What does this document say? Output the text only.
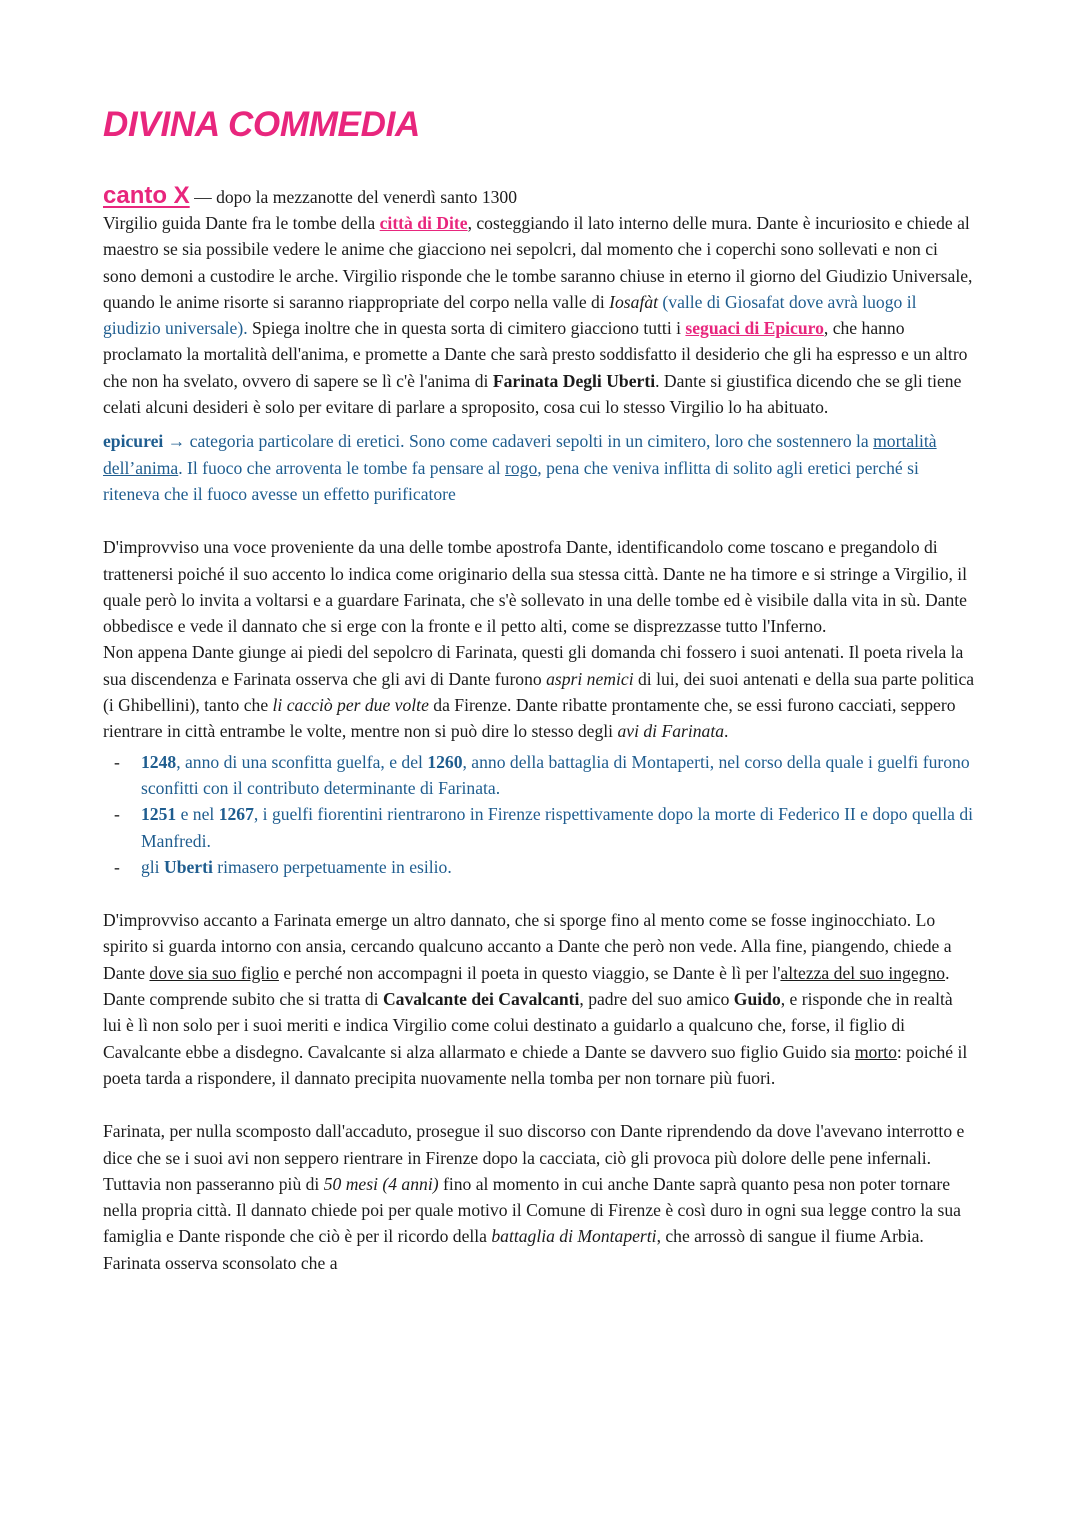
DIVINA COMMEDIA

canto X — dopo la mezzanotte del venerdì santo 1300

Virgilio guida Dante fra le tombe della città di Dite, costeggiando il lato interno delle mura. Dante è incuriosito e chiede al maestro se sia possibile vedere le anime che giacciono nei sepolcri, dal momento che i coperchi sono sollevati e non ci sono demoni a custodire le arche. Virgilio risponde che le tombe saranno chiuse in eterno il giorno del Giudizio Universale, quando le anime risorte si saranno riappropriate del corpo nella valle di Iosafàt (valle di Giosafat dove avrà luogo il giudizio universale). Spiega inoltre che in questa sorta di cimitero giacciono tutti i seguaci di Epicuro, che hanno proclamato la mortalità dell'anima, e promette a Dante che sarà presto soddisfatto il desiderio che gli ha espresso e un altro che non ha svelato, ovvero di sapere se lì c'è l'anima di Farinata Degli Uberti. Dante si giustifica dicendo che se gli tiene celati alcuni desideri è solo per evitare di parlare a sproposito, cosa cui lo stesso Virgilio lo ha abituato.

epicurei → categoria particolare di eretici. Sono come cadaveri sepolti in un cimitero, loro che sostennero la mortalità dell’anima. Il fuoco che arroventa le tombe fa pensare al rogo, pena che veniva inflitta di solito agli eretici perché si riteneva che il fuoco avesse un effetto purificatore

D'improvviso una voce proveniente da una delle tombe apostrofa Dante, identificandolo come toscano e pregandolo di trattenersi poiché il suo accento lo indica come originario della sua stessa città. Dante ne ha timore e si stringe a Virgilio, il quale però lo invita a voltarsi e a guardare Farinata, che s'è sollevato in una delle tombe ed è visibile dalla vita in sù. Dante obbedisce e vede il dannato che si erge con la fronte e il petto alti, come se disprezzasse tutto l'Inferno.

Non appena Dante giunge ai piedi del sepolcro di Farinata, questi gli domanda chi fossero i suoi antenati. Il poeta rivela la sua discendenza e Farinata osserva che gli avi di Dante furono aspri nemici di lui, dei suoi antenati e della sua parte politica (i Ghibellini), tanto che li cacciò per due volte da Firenze. Dante ribatte prontamente che, se essi furono cacciati, seppero rientrare in città entrambe le volte, mentre non si può dire lo stesso degli avi di Farinata.

- 1248, anno di una sconfitta guelfa, e del 1260, anno della battaglia di Montaperti, nel corso della quale i guelfi furono sconfitti con il contributo determinante di Farinata.
- 1251 e nel 1267, i guelfi fiorentini rientrarono in Firenze rispettivamente dopo la morte di Federico II e dopo quella di Manfredi.
- gli Uberti rimasero perpetuamente in esilio.

D'improvviso accanto a Farinata emerge un altro dannato, che si sporge fino al mento come se fosse inginocchiato. Lo spirito si guarda intorno con ansia, cercando qualcuno accanto a Dante che però non vede. Alla fine, piangendo, chiede a Dante dove sia suo figlio e perché non accompagni il poeta in questo viaggio, se Dante è lì per l'altezza del suo ingegno. Dante comprende subito che si tratta di Cavalcante dei Cavalcanti, padre del suo amico Guido, e risponde che in realtà lui è lì non solo per i suoi meriti e indica Virgilio come colui destinato a guidarlo a qualcuno che, forse, il figlio di Cavalcante ebbe a disdegno. Cavalcante si alza allarmato e chiede a Dante se davvero suo figlio Guido sia morto: poiché il poeta tarda a rispondere, il dannato precipita nuovamente nella tomba per non tornare più fuori.

Farinata, per nulla scomposto dall'accaduto, prosegue il suo discorso con Dante riprendendo da dove l'avevano interrotto e dice che se i suoi avi non seppero rientrare in Firenze dopo la cacciata, ciò gli provoca più dolore delle pene infernali. Tuttavia non passeranno più di 50 mesi (4 anni) fino al momento in cui anche Dante saprà quanto pesa non poter tornare nella propria città. Il dannato chiede poi per quale motivo il Comune di Firenze è così duro in ogni sua legge contro la sua famiglia e Dante risponde che ciò è per il ricordo della battaglia di Montaperti, che arrossò di sangue il fiume Arbia. Farinata osserva sconsolato che a
